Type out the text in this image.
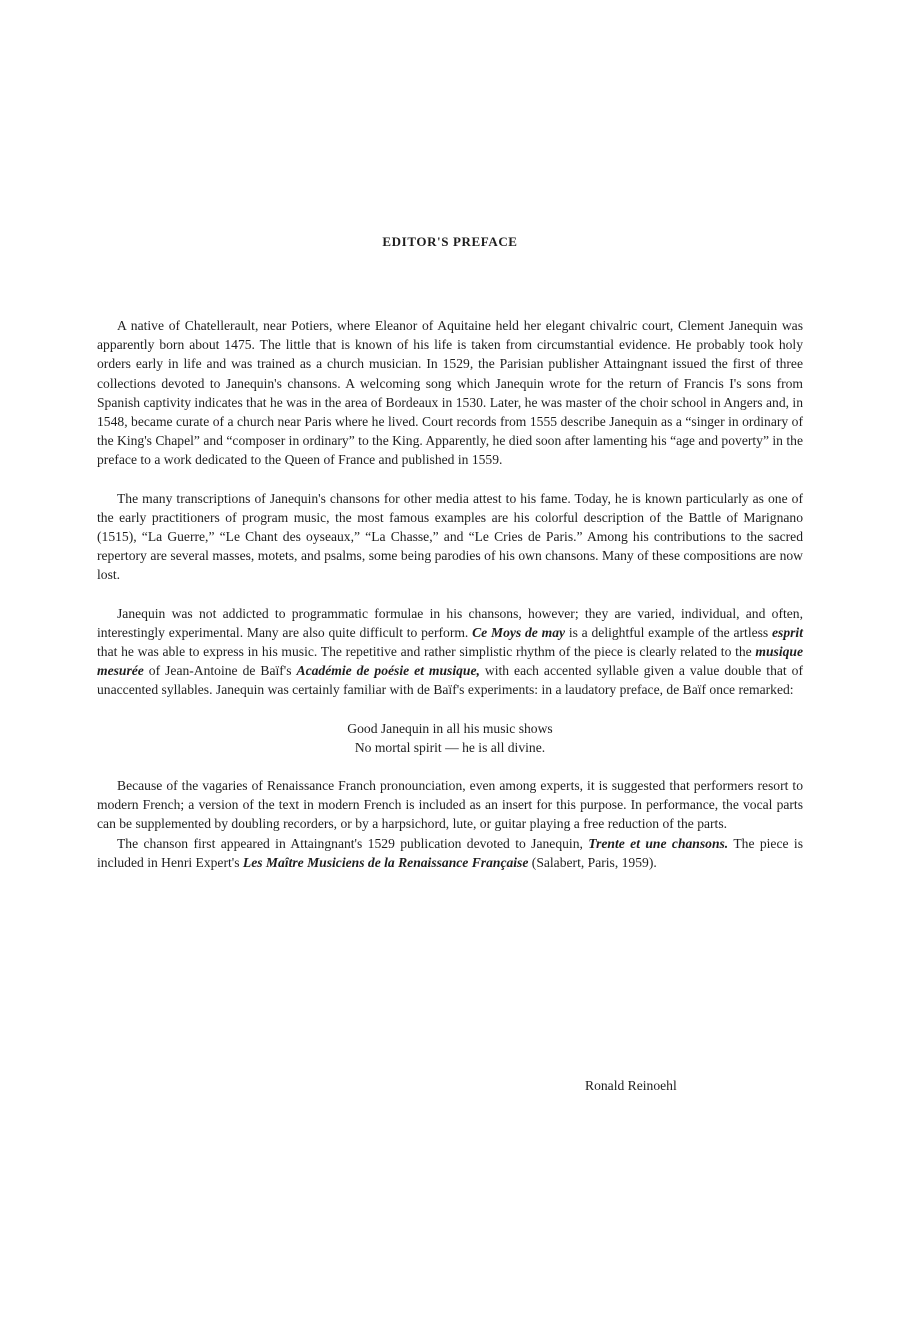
EDITOR'S PREFACE

A native of Chatellerault, near Potiers, where Eleanor of Aquitaine held her elegant chivalric court, Clement Janequin was apparently born about 1475. The little that is known of his life is taken from circumstantial evidence. He probably took holy orders early in life and was trained as a church musician. In 1529, the Parisian publisher Attaingnant issued the first of three collections devoted to Janequin's chansons. A welcoming song which Janequin wrote for the return of Francis I's sons from Spanish captivity indicates that he was in the area of Bordeaux in 1530. Later, he was master of the choir school in Angers and, in 1548, became curate of a church near Paris where he lived. Court records from 1555 describe Janequin as a “singer in ordinary of the King's Chapel” and “composer in ordinary” to the King. Apparently, he died soon after lamenting his “age and poverty” in the preface to a work dedicated to the Queen of France and published in 1559.

The many transcriptions of Janequin's chansons for other media attest to his fame. Today, he is known particularly as one of the early practitioners of program music, the most famous examples are his colorful description of the Battle of Marignano (1515), “La Guerre,” “Le Chant des oyseaux,” “La Chasse,” and “Le Cries de Paris.” Among his contributions to the sacred repertory are several masses, motets, and psalms, some being parodies of his own chansons. Many of these compositions are now lost.

Janequin was not addicted to programmatic formulae in his chansons, however; they are varied, individual, and often, interestingly experimental. Many are also quite difficult to perform. Ce Moys de may is a delightful example of the artless esprit that he was able to express in his music. The repetitive and rather simplistic rhythm of the piece is clearly related to the musique mesurée of Jean-Antoine de Baïf's Académie de poésie et musique, with each accented syllable given a value double that of unaccented syllables. Janequin was certainly familiar with de Baïf's experiments: in a laudatory preface, de Baïf once remarked:

Good Janequin in all his music shows
No mortal spirit — he is all divine.

Because of the vagaries of Renaissance Franch pronounciation, even among experts, it is suggested that performers resort to modern French; a version of the text in modern French is included as an insert for this purpose. In performance, the vocal parts can be supplemented by doubling recorders, or by a harpsichord, lute, or guitar playing a free reduction of the parts.

The chanson first appeared in Attaingnant's 1529 publication devoted to Janequin, Trente et une chansons. The piece is included in Henri Expert's Les Maître Musiciens de la Renaissance Française (Salabert, Paris, 1959).

Ronald Reinoehl
